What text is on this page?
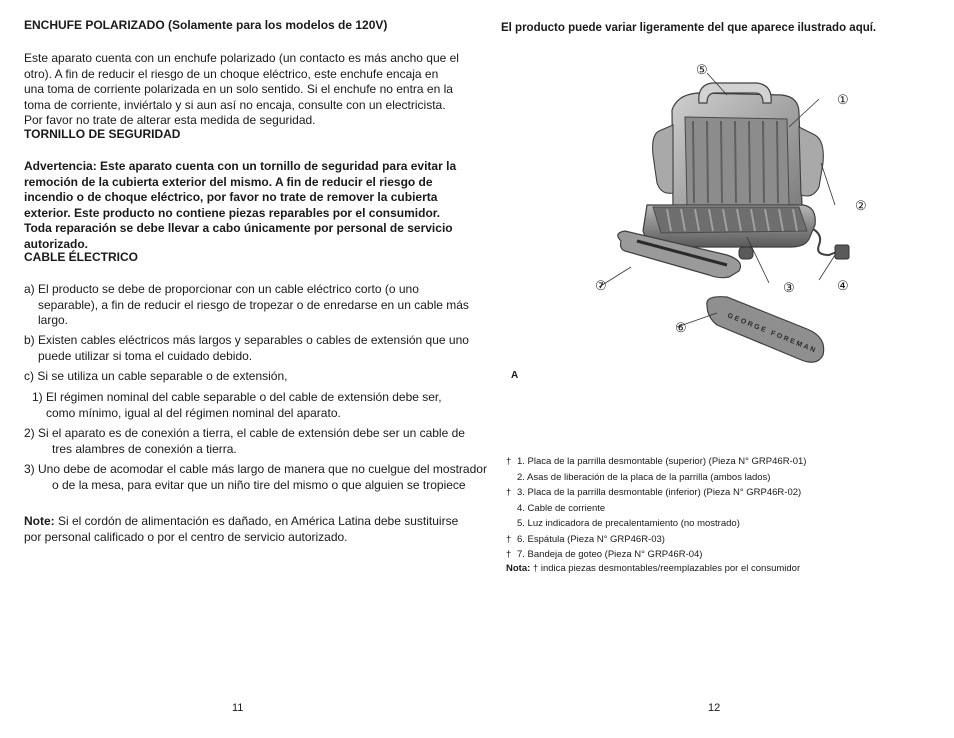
ENCHUFE POLARIZADO (Solamente para los modelos de 120V)

Este aparato cuenta con un enchufe polarizado (un contacto es más ancho que el otro). A fin de reducir el riesgo de un choque eléctrico, este enchufe encaja en una toma de corriente polarizada en un solo sentido. Si el enchufe no entra en la toma de corriente, inviértalo y si aun así no encaja, consulte con un electricista. Por favor no trate de alterar esta medida de seguridad.

TORNILLO DE SEGURIDAD

Advertencia: Este aparato cuenta con un tornillo de seguridad para evitar la remoción de la cubierta exterior del mismo. A fin de reducir el riesgo de incendio o de choque eléctrico, por favor no trate de remover la cubierta exterior. Este producto no contiene piezas reparables por el consumidor. Toda reparación se debe llevar a cabo únicamente por personal de servicio autorizado.

CABLE ÉLECTRICO

a) El producto se debe de proporcionar con un cable eléctrico corto (o uno separable), a fin de reducir el riesgo de tropezar o de enredarse en un cable más largo.

b) Existen cables eléctricos más largos y separables o cables de extensión que uno puede utilizar si toma el cuidado debido.

c) Si se utiliza un cable separable o de extensión,

1) El régimen nominal del cable separable o del cable de extensión debe ser, como mínimo, igual al del régimen nominal del aparato.

2) Si el aparato es de conexión a tierra, el cable de extensión debe ser un cable de tres alambres de conexión a tierra.

3) Uno debe de acomodar el cable más largo de manera que no cuelgue del mostrador o de la mesa, para evitar que un niño tire del mismo o que alguien se tropiece

Note: Si el cordón de alimentación es dañado, en América Latina debe sustituirse por personal calificado o por el centro de servicio autorizado.

11
El producto puede variar ligeramente del que aparece ilustrado aquí.
GEORGE FOREMAN
⑤
①
②
③	④
⑦
⑥
A
† 1. Placa de la parrilla desmontable (superior) (Pieza N° GRP46R-01)
2. Asas de liberación de la placa de la parrilla (ambos lados)
† 3. Placa de la parrilla desmontable (inferior) (Pieza N° GRP46R-02)
4. Cable de corriente
5. Luz indicadora de precalentamiento (no mostrado)
† 6. Espátula (Pieza N° GRP46R-03)
† 7. Bandeja de goteo (Pieza N° GRP46R-04)
Nota: † indica piezas desmontables/reemplazables por el consumidor
12
